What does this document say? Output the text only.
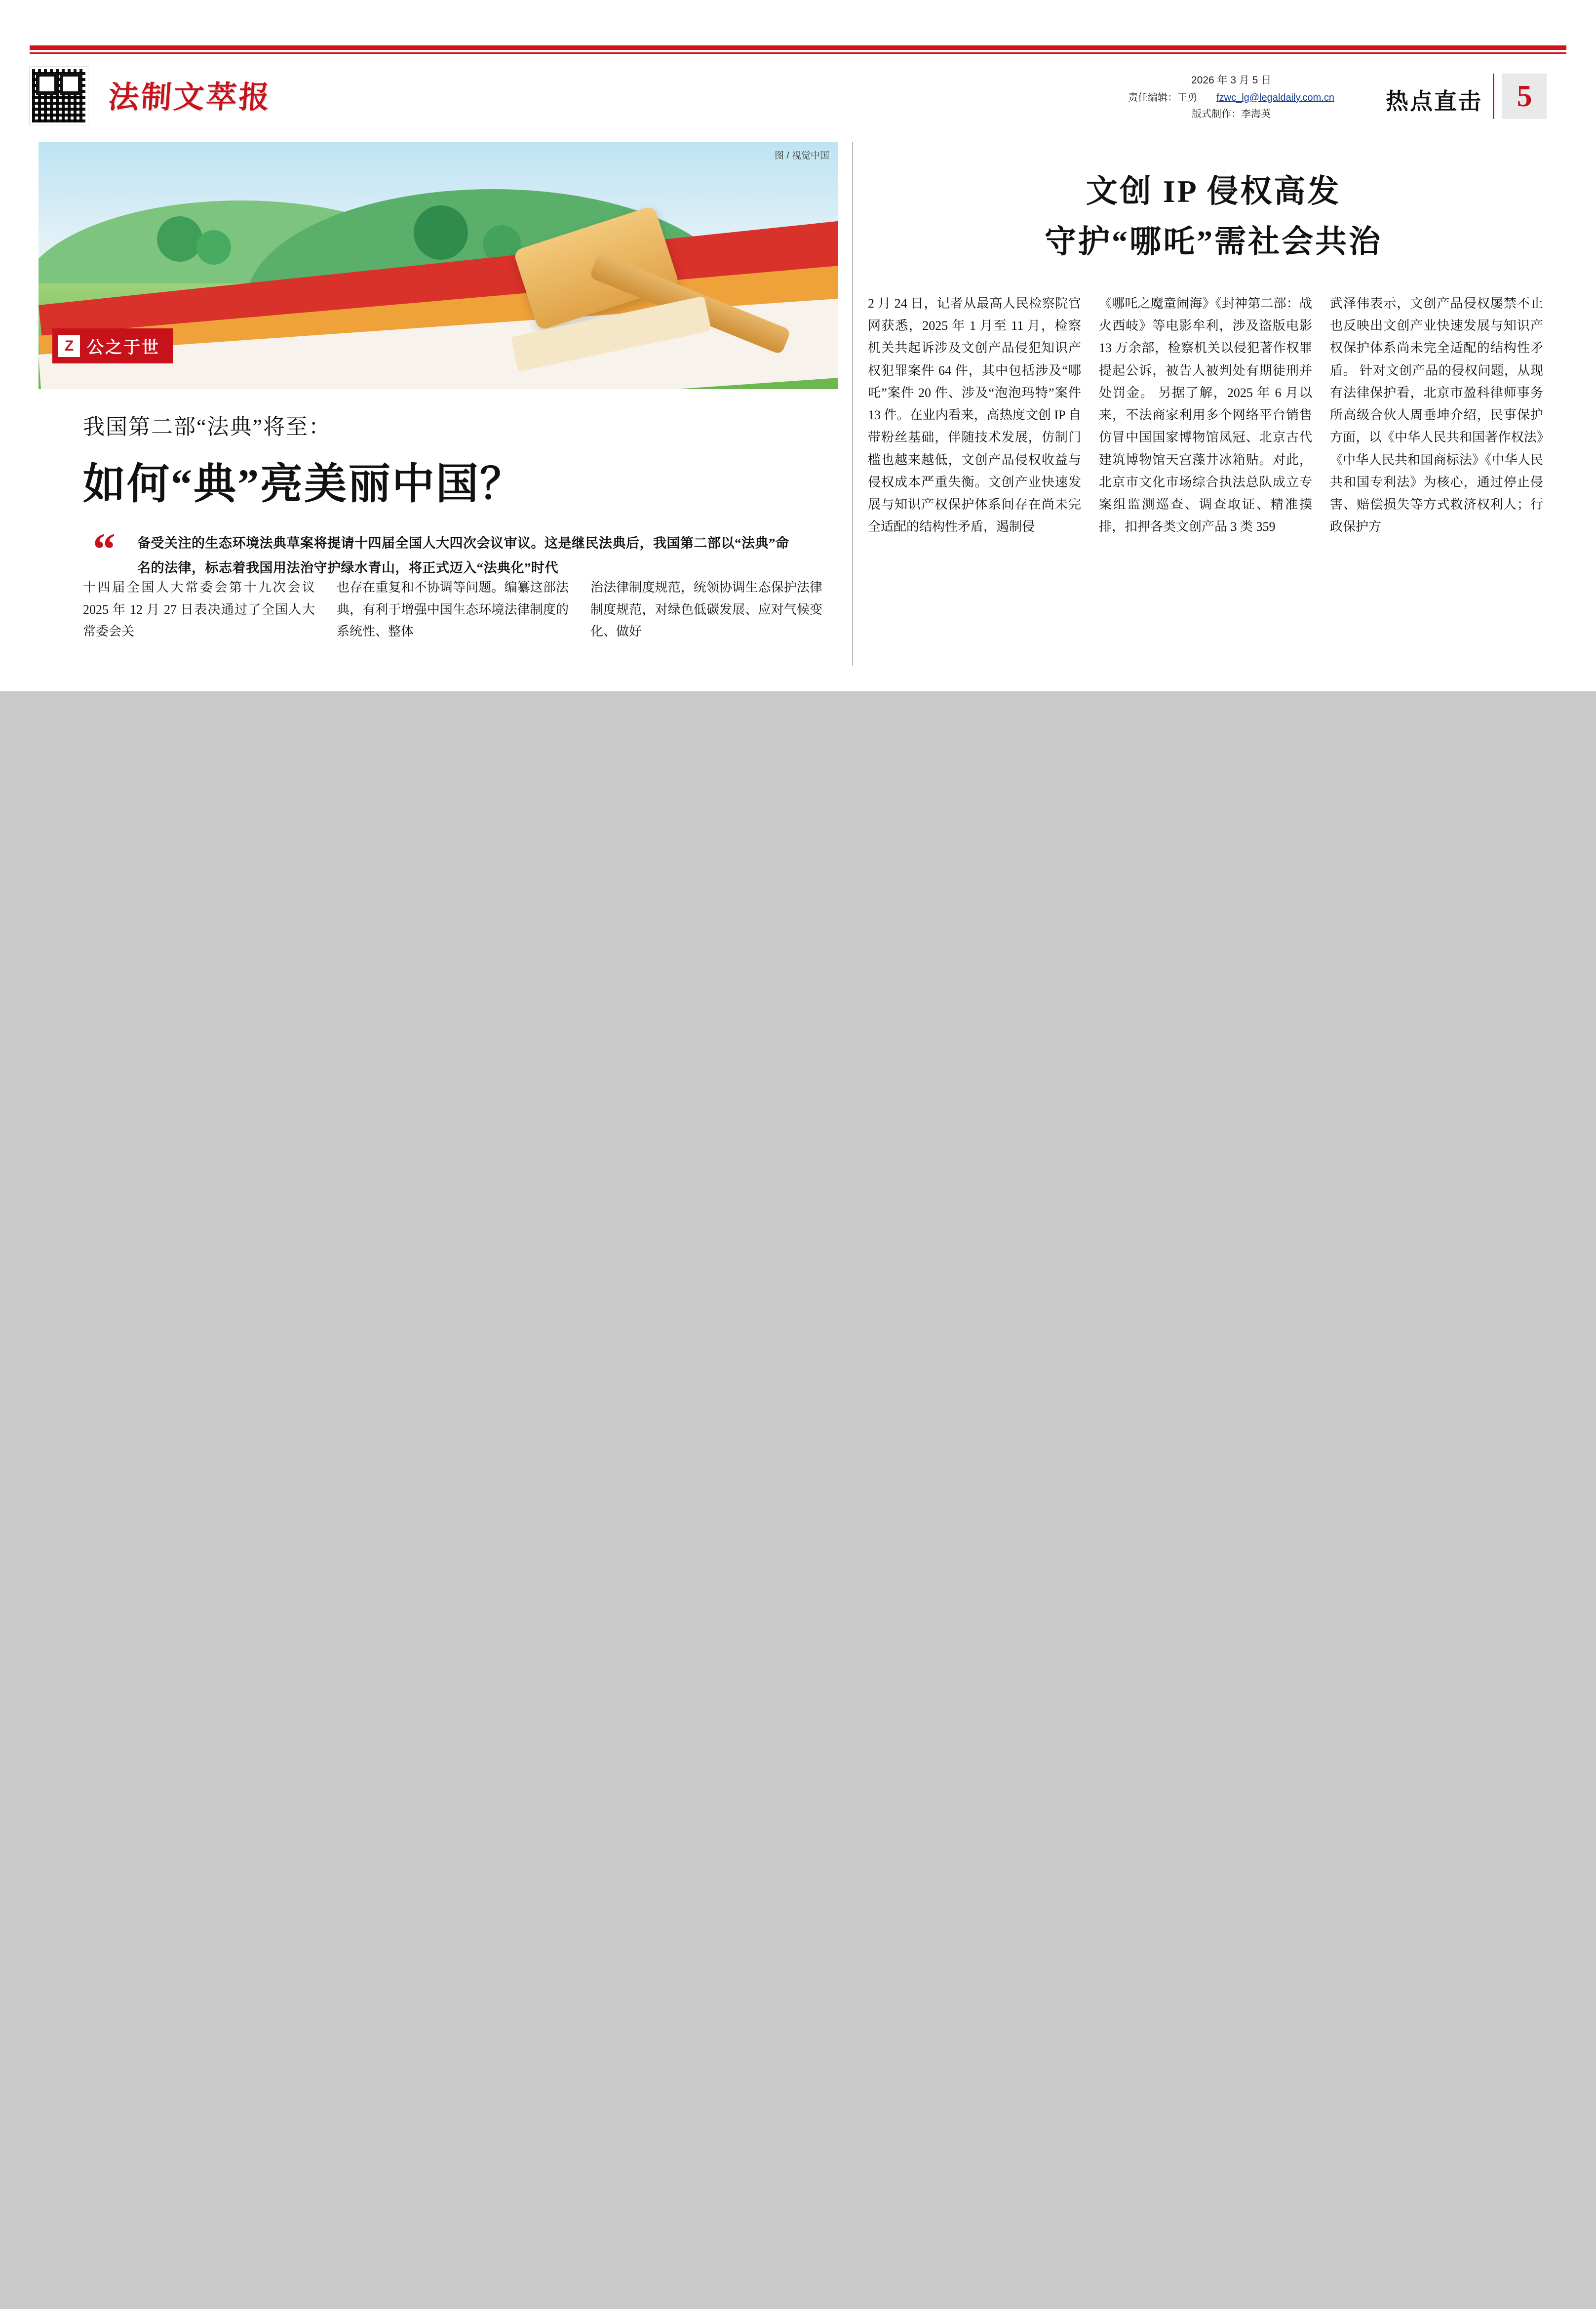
法制文萃报
2026 年 3 月 5 日
责任编辑：王勇 fzwc_lg@legaldaily.com.cn
版式制作：李海英	热点直击	5
图 / 视觉中国
Z 公之于世
我国第二部“法典”将至：
如何“典”亮美丽中国？
“	备受关注的生态环境法典草案将提请十四届全国人大四次会议审议。这是继民法典后，我国第二部以“法典”命名的法律，标志着我国用法治守护绿水青山，将正式迈入“法典化”时代
十四届全国人大常委会第十九次会议 2025 年 12 月 27 日表决通过了全国人大常委会关
也存在重复和不协调等问题。编纂这部法典，有利于增强中国生态环境法律制度的系统性、整体
治法律制度规范，统领协调生态保护法律制度规范，对绿色低碳发展、应对气候变化、做好
文创 IP 侵权高发
守护“哪吒”需社会共治
2 月 24 日，记者从最高人民检察院官网获悉，2025 年 1 月至 11 月，检察机关共起诉涉及文创产品侵犯知识产权犯罪案件 64 件，其中包括涉及“哪吒”案件 20 件、涉及“泡泡玛特”案件 13 件。在业内看来，高热度文创 IP 自带粉丝基础，伴随技术发展，仿制门槛也越来越低，文创产品侵权收益与侵权成本严重失衡。文创产业快速发展与知识产权保护体系间存在尚未完全适配的结构性矛盾，遏制侵
《哪吒之魔童闹海》《封神第二部：战火西岐》等电影牟利，涉及盗版电影 13 万余部，检察机关以侵犯著作权罪提起公诉，被告人被判处有期徒刑并处罚金。 另据了解，2025 年 6 月以来，不法商家利用多个网络平台销售仿冒中国国家博物馆凤冠、北京古代建筑博物馆天宫藻井冰箱贴。对此，北京市文化市场综合执法总队成立专案组监测巡查、调查取证、精准摸排，扣押各类文创产品 3 类 359
武泽伟表示，文创产品侵权屡禁不止也反映出文创产业快速发展与知识产权保护体系尚未完全适配的结构性矛盾。 针对文创产品的侵权问题，从现有法律保护看，北京市盈科律师事务所高级合伙人周垂坤介绍，民事保护方面，以《中华人民共和国著作权法》《中华人民共和国商标法》《中华人民共和国专利法》为核心，通过停止侵害、赔偿损失等方式救济权利人；行政保护方
